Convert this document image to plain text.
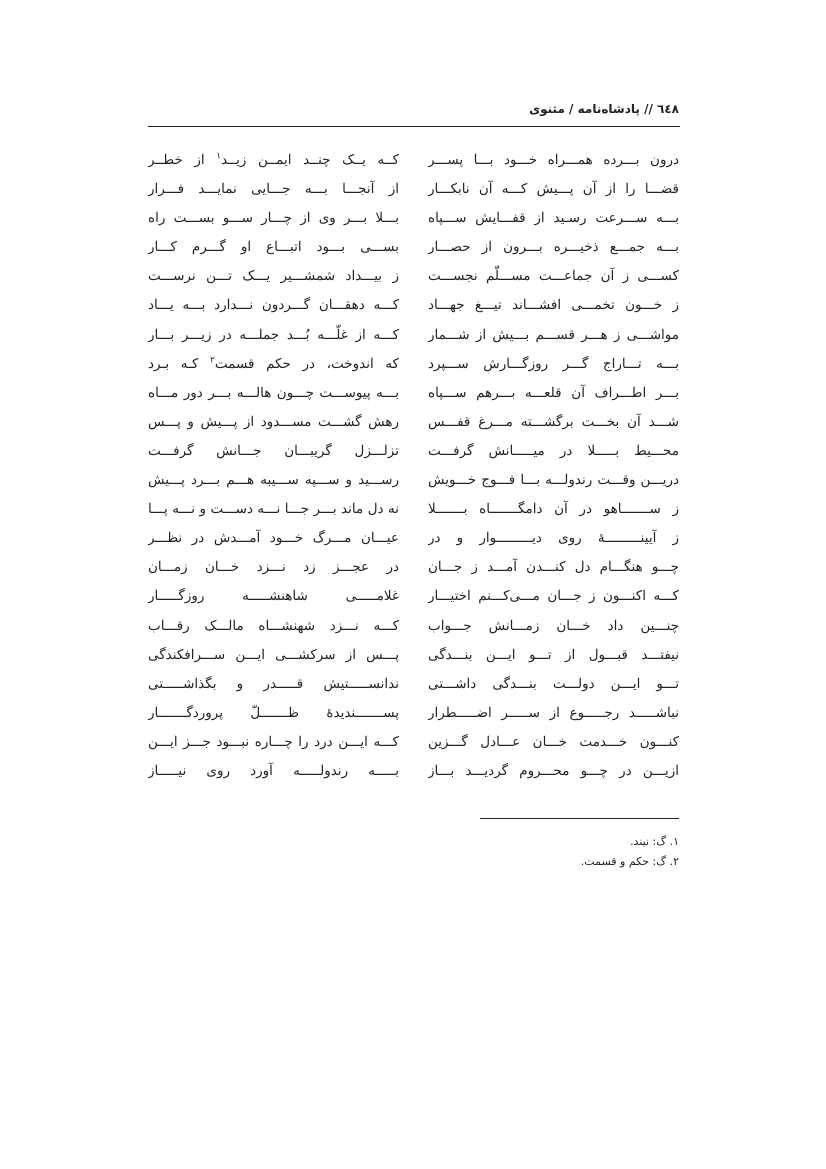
٦٤٨ // پادشاه‌نامه / مثنوی
درون بـــرده همـــراه خـــود بـــا پســـر
قضـــا را از آن پـــیش کـــه آن نابکـــار
بـــه ســـرعت رسـید از قفـــایش ســـپاه
بـــه جمـــع ذخیـــره بـــرون از حصـــار
کســـی ز آن جماعـــت مســـلّم نجســـت
ز خـــون تخمـــی افشـــاند تیـــغ جهـــاد
مواشـــی ز هـــر قســـم بـــیش از شـــمار
بـــه تـــاراج گـــر روزگـــارش ســـپرد
بـــر اطـــراف آن قلعـــه بـــرهم ســـپاه
شـــد آن بخـــت برگشـــته مـــرغ قفـــس
محـــیط بـــــلا در میـــــانش گرفـــت
دریـــن وقـــت رندولـــه بـــا فـــوج خـــویش
ز ســـــــاهو در آن دامگـــــــاه بـــــــلا
ز آیینـــــــــهٔ روی دیـــــــــوار و در
چـــو هنگـــام دل کنـــدن آمـــد ز جـــان
کـــه اکنـــون ز جـــان مـــی‌کـــنم اختیـــار
چنـــین داد خـــان زمـــانش جـــواب
نیفتـــد قبـــول از تـــو ایـــن بنـــدگی
تـــو ایـــن دولـــت بنـــدگی داشـــتی
نباشـــــد رجـــــوع از ســـــر اضـــــطرار
کنـــون خـــدمت خـــان عـــادل گـــزین
ازیـــن در چـــو محـــروم گردیـــد بـــاز
کــه یــک چنــد ایمــن زیــد$^١$ از خطــر
از آنجـــا بـــه جـــایی نمایـــد فـــرار
بـــلا بـــر وی از چـــار ســـو بســـت راه
بســـی بـــود اتبـــاع او گـــرم کـــار
ز بیـــداد شمشـــیر یـــک تـــن نرســـت
کـــه دهقـــان گـــردون نـــدارد بـــه یـــاد
کـــه از غلّـــه بُـــد جملـــه در زیـــر بـــار
که اندوخت، در حکم قسمت$^٢$ کـه بـرد
بـــه پیوســـت چـــون هالـــه بـــر دور مـــاه
رهش گشـــت مســـدود از پـــیش و پـــس
تزلـــزل گریبـــان جـــانش گرفـــت
رســـید و ســـپه ســـیبه هـــم بـــرد پـــیش
نه دل ماند بـــر جـــا نـــه دســـت و نـــه پـــا
عیـــان مـــرگ خـــود آمـــدش در نظـــر
در عجـــز زد نـــزد خـــان زمـــان
غلامـــــی شاهنشـــــه روزگـــــار
کـــه نـــزد شهنشـــاه مالـــک رقـــاب
پـــس از سرکشـــی ایـــن ســـرافکندگی
ندانســـــتیش قـــــدر و بگذاشـــــتی
پســـــــندیدهٔ ظـــــــلّ پروردگـــــــار
کـــه ایـــن درد را چـــاره نبـــود جـــز ایـــن
بـــــه رندولـــــه آورد روی نیـــــاز
١. گ: نیند.
٢. گ: حکم و قسمت.
